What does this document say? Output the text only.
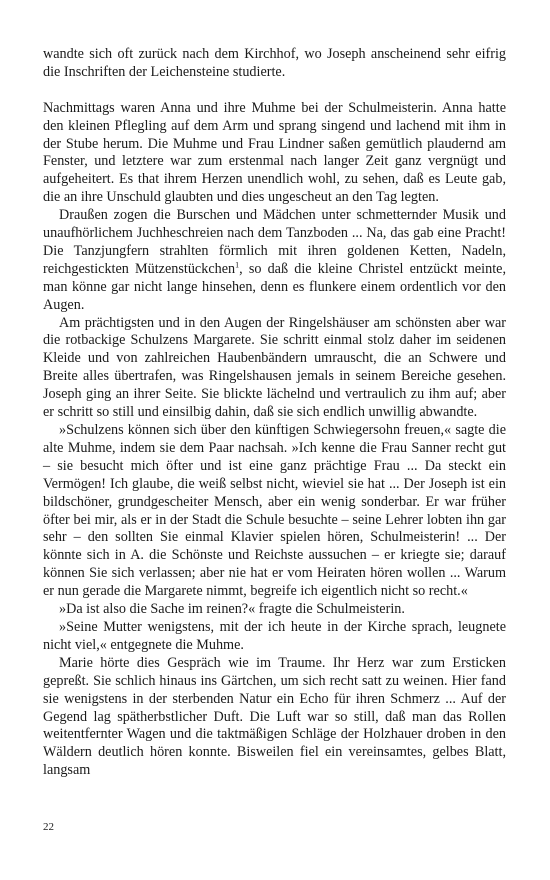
wandte sich oft zurück nach dem Kirchhof, wo Joseph anscheinend sehr eifrig die Inschriften der Leichensteine studierte.

Nachmittags waren Anna und ihre Muhme bei der Schulmeisterin. Anna hatte den kleinen Pflegling auf dem Arm und sprang singend und lachend mit ihm in der Stube herum. Die Muhme und Frau Lindner saßen gemütlich plaudernd am Fenster, und letztere war zum erstenmal nach langer Zeit ganz vergnügt und aufgeheitert. Es that ihrem Herzen unendlich wohl, zu sehen, daß es Leute gab, die an ihre Unschuld glaubten und dies ungescheut an den Tag legten.

Draußen zogen die Burschen und Mädchen unter schmetternder Musik und unaufhörlichem Juchheschreien nach dem Tanzboden ... Na, das gab eine Pracht! Die Tanzjungfern strahlten förmlich mit ihren goldenen Ketten, Nadeln, reichgestickten Mützenstückchen$^1$, so daß die kleine Christel entzückt meinte, man könne gar nicht lange hinsehen, denn es flunkere einem ordentlich vor den Augen.

Am prächtigsten und in den Augen der Ringelshäuser am schönsten aber war die rotbackige Schulzens Margarete. Sie schritt einmal stolz daher im seidenen Kleide und von zahlreichen Haubenbändern umrauscht, die an Schwere und Breite alles übertrafen, was Ringelshausen jemals in seinem Bereiche gesehen. Joseph ging an ihrer Seite. Sie blickte lächelnd und vertraulich zu ihm auf; aber er schritt so still und einsilbig dahin, daß sie sich endlich unwillig abwandte.

»Schulzens können sich über den künftigen Schwiegersohn freuen,« sagte die alte Muhme, indem sie dem Paar nachsah. »Ich kenne die Frau Sanner recht gut – sie besucht mich öfter und ist eine ganz prächtige Frau ... Da steckt ein Vermögen! Ich glaube, die weiß selbst nicht, wieviel sie hat ... Der Joseph ist ein bildschöner, grundgescheiter Mensch, aber ein wenig sonderbar. Er war früher öfter bei mir, als er in der Stadt die Schule besuchte – seine Lehrer lobten ihn gar sehr – den sollten Sie einmal Klavier spielen hören, Schulmeisterin! ... Der könnte sich in A. die Schönste und Reichste aussuchen – er kriegte sie; darauf können Sie sich verlassen; aber nie hat er vom Heiraten hören wollen ... Warum er nun gerade die Margarete nimmt, begreife ich eigentlich nicht so recht.«

»Da ist also die Sache im reinen?« fragte die Schulmeisterin.

»Seine Mutter wenigstens, mit der ich heute in der Kirche sprach, leugnete nicht viel,« entgegnete die Muhme.

Marie hörte dies Gespräch wie im Traume. Ihr Herz war zum Ersticken gepreßt. Sie schlich hinaus ins Gärtchen, um sich recht satt zu weinen. Hier fand sie wenigstens in der sterbenden Natur ein Echo für ihren Schmerz ... Auf der Gegend lag spätherbstlicher Duft. Die Luft war so still, daß man das Rollen weitentfernter Wagen und die taktmäßigen Schläge der Holzhauer droben in den Wäldern deutlich hören konnte. Bisweilen fiel ein vereinsamtes, gelbes Blatt, langsam

22
